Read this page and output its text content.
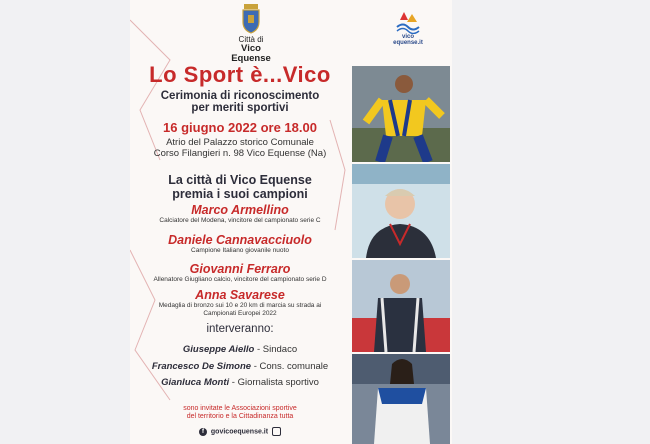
Città di
Vico Equense
vico equense.it
Lo Sport è...Vico
Cerimonia di riconoscimento
per meriti sportivi
16 giugno 2022 ore 18.00
Atrio del Palazzo storico Comunale
Corso Filangieri n. 98 Vico Equense (Na)
La città di Vico Equense
premia i suoi campioni
Marco Armellino
Calciatore del Modena, vincitore del campionato serie C
Daniele Cannavacciuolo
Campione Italiano giovanile nuoto
Giovanni Ferraro
Allenatore Giugliano calcio, vincitore del campionato serie D
Anna Savarese
Medaglia di bronzo sui 10 e 20 km di marcia su strada ai
Campionati Europei 2022
interveranno:
Giuseppe Aiello - Sindaco
Francesco De Simone - Cons. comunale
Gianluca Monti - Giornalista sportivo
sono invitate le Associazioni sportive
del territorio e la Cittadinanza tutta
f govicoequense.it
